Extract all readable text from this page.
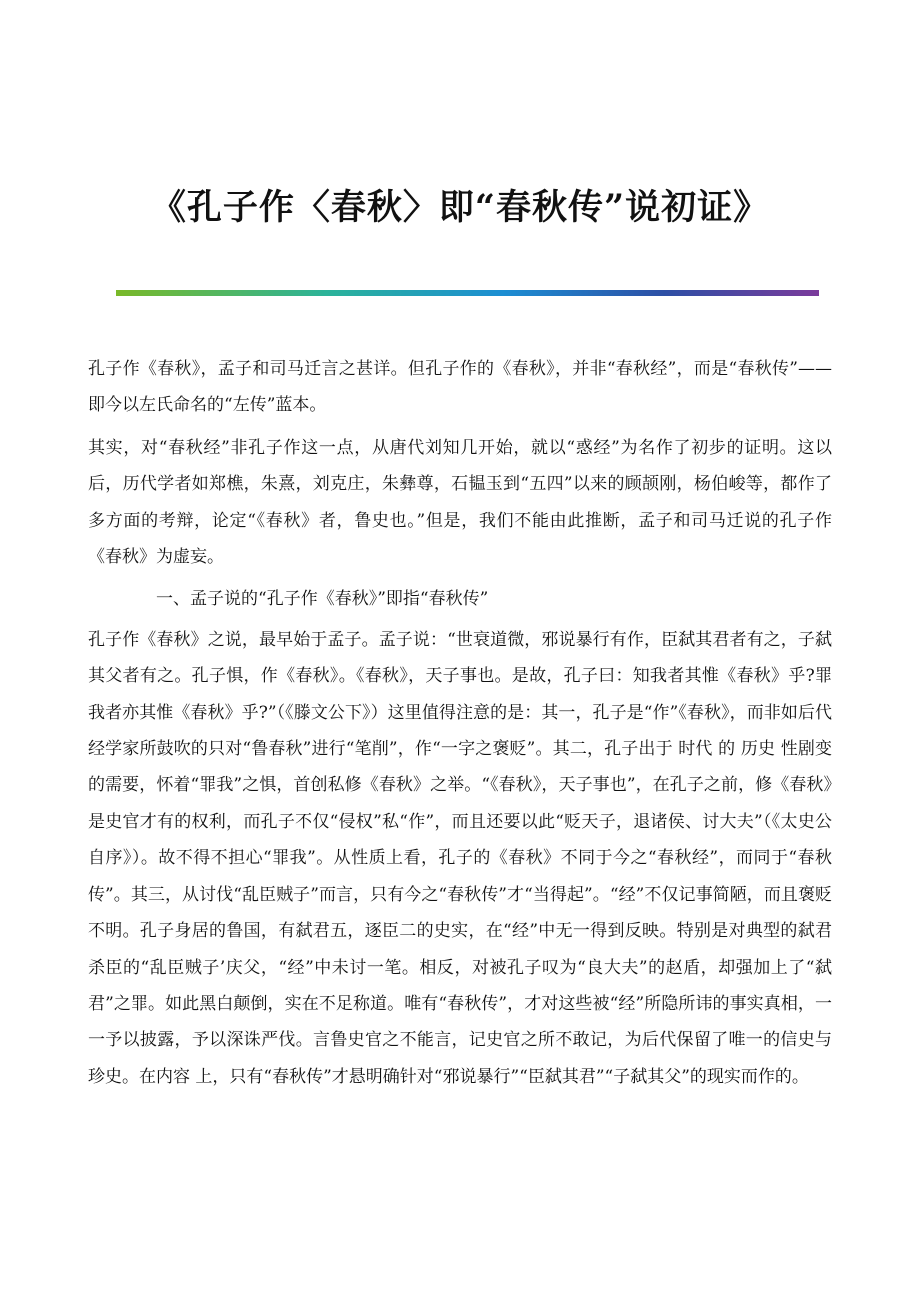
《孔子作〈春秋〉即“春秋传”说初证》

孔子作《春秋》，孟子和司马迁言之甚详。但孔子作的《春秋》，并非“春秋经”，而是“春秋传”——即今以左氏命名的“左传”蓝本。

其实，对“春秋经”非孔子作这一点，从唐代刘知几开始，就以“惑经”为名作了初步的证明。这以后，历代学者如郑樵，朱熹，刘克庄，朱彝尊，石韫玉到“五四”以来的顾颉刚，杨伯峻等，都作了多方面的考辩，论定“《春秋》者，鲁史也。”但是，我们不能由此推断，孟子和司马迁说的孔子作《春秋》为虚妄。

一、孟子说的“孔子作《春秋》”即指“春秋传”

孔子作《春秋》之说，最早始于孟子。孟子说：“世衰道微，邪说暴行有作，臣弑其君者有之，子弑其父者有之。孔子惧，作《春秋》。《春秋》，天子事也。是故，孔子曰：知我者其惟《春秋》乎?罪我者亦其惟《春秋》乎?”（《滕文公下》）这里值得注意的是：其一，孔子是“作”《春秋》，而非如后代经学家所鼓吹的只对“鲁春秋”进行“笔削”，作“一字之褒贬”。其二，孔子出于 时代 的 历史 性剧变的需要，怀着“罪我”之惧，首创私修《春秋》之举。“《春秋》，天子事也”，在孔子之前，修《春秋》是史官才有的权利，而孔子不仅“侵权”私“作”，而且还要以此“贬天子，退诸侯、讨大夫”（《太史公自序》）。故不得不担心“罪我”。从性质上看，孔子的《春秋》不同于今之“春秋经”，而同于“春秋传”。其三，从讨伐“乱臣贼子”而言，只有今之“春秋传”才“当得起”。“经”不仅记事简陋，而且褒贬不明。孔子身居的鲁国，有弑君五，逐臣二的史实，在“经”中无一得到反映。特别是对典型的弑君杀臣的“乱臣贼子’庆父，“经”中未讨一笔。相反，对被孔子叹为“良大夫”的赵盾，却强加上了“弑君”之罪。如此黑白颠倒，实在不足称道。唯有“春秋传”，才对这些被“经”所隐所讳的事实真相，一一予以披露，予以深诛严伐。言鲁史官之不能言，记史官之所不敢记，为后代保留了唯一的信史与珍史。在内容 上，只有“春秋传”才悬明确针对“邪说暴行”“臣弑其君”“子弑其父”的现实而作的。
